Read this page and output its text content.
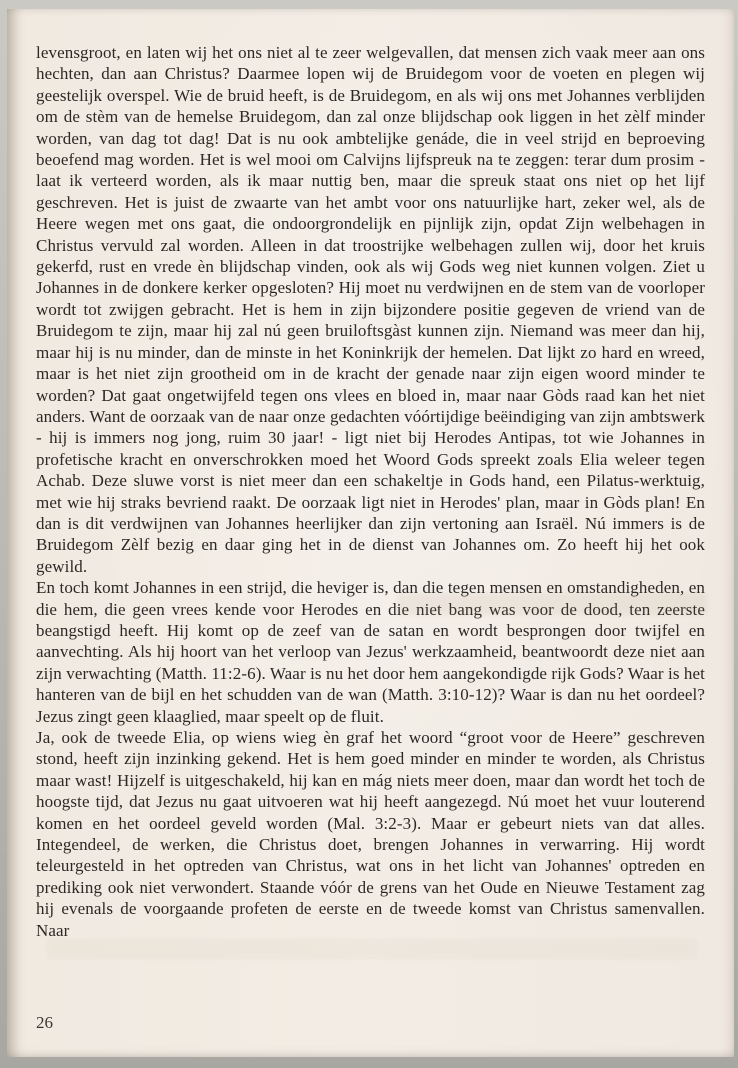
levensgroot, en laten wij het ons niet al te zeer welgevallen, dat mensen zich vaak meer aan ons hechten, dan aan Christus? Daarmee lopen wij de Bruidegom voor de voeten en plegen wij geestelijk overspel. Wie de bruid heeft, is de Bruidegom, en als wij ons met Johannes verblijden om de stèm van de hemelse Bruidegom, dan zal onze blijdschap ook liggen in het zèlf minder worden, van dag tot dag! Dat is nu ook ambtelijke genáde, die in veel strijd en beproeving beoefend mag worden. Het is wel mooi om Calvijns lijfspreuk na te zeggen: terar dum prosim - laat ik verteerd worden, als ik maar nuttig ben, maar die spreuk staat ons niet op het lijf geschreven. Het is juist de zwaarte van het ambt voor ons natuurlijke hart, zeker wel, als de Heere wegen met ons gaat, die ondoorgrondelijk en pijnlijk zijn, opdat Zijn welbehagen in Christus vervuld zal worden. Alleen in dat troostrijke welbehagen zullen wij, door het kruis gekerfd, rust en vrede èn blijdschap vinden, ook als wij Gods weg niet kunnen volgen. Ziet u Johannes in de donkere kerker opgesloten? Hij moet nu verdwijnen en de stem van de voorloper wordt tot zwijgen gebracht. Het is hem in zijn bijzondere positie gegeven de vriend van de Bruidegom te zijn, maar hij zal nú geen bruiloftsgàst kunnen zijn. Niemand was meer dan hij, maar hij is nu minder, dan de minste in het Koninkrijk der hemelen. Dat lijkt zo hard en wreed, maar is het niet zijn grootheid om in de kracht der genade naar zijn eigen woord minder te worden? Dat gaat ongetwijfeld tegen ons vlees en bloed in, maar naar Gòds raad kan het niet anders. Want de oorzaak van de naar onze gedachten vóórtijdige beëindiging van zijn ambtswerk - hij is immers nog jong, ruim 30 jaar! - ligt niet bij Herodes Antipas, tot wie Johannes in profetische kracht en onverschrokken moed het Woord Gods spreekt zoals Elia weleer tegen Achab. Deze sluwe vorst is niet meer dan een schakeltje in Gods hand, een Pilatus-werktuig, met wie hij straks bevriend raakt. De oorzaak ligt niet in Herodes' plan, maar in Gòds plan! En dan is dit verdwijnen van Johannes heerlijker dan zijn vertoning aan Israël. Nú immers is de Bruidegom Zèlf bezig en daar ging het in de dienst van Johannes om. Zo heeft hij het ook gewild.

En toch komt Johannes in een strijd, die heviger is, dan die tegen mensen en omstandigheden, en die hem, die geen vrees kende voor Herodes en die niet bang was voor de dood, ten zeerste beangstigd heeft. Hij komt op de zeef van de satan en wordt besprongen door twijfel en aanvechting. Als hij hoort van het verloop van Jezus' werkzaamheid, beantwoordt deze niet aan zijn verwachting (Matth. 11:2-6). Waar is nu het door hem aangekondigde rijk Gods? Waar is het hanteren van de bijl en het schudden van de wan (Matth. 3:10-12)? Waar is dan nu het oordeel? Jezus zingt geen klaaglied, maar speelt op de fluit.

Ja, ook de tweede Elia, op wiens wieg èn graf het woord “groot voor de Heere” geschreven stond, heeft zijn inzinking gekend. Het is hem goed minder en minder te worden, als Christus maar wast! Hijzelf is uitgeschakeld, hij kan en mág niets meer doen, maar dan wordt het toch de hoogste tijd, dat Jezus nu gaat uitvoeren wat hij heeft aangezegd. Nú moet het vuur louterend komen en het oordeel geveld worden (Mal. 3:2-3). Maar er gebeurt niets van dat alles. Integendeel, de werken, die Christus doet, brengen Johannes in verwarring. Hij wordt teleurgesteld in het optreden van Christus, wat ons in het licht van Johannes' optreden en prediking ook niet verwondert. Staande vóór de grens van het Oude en Nieuwe Testament zag hij evenals de voorgaande profeten de eerste en de tweede komst van Christus samenvallen. Naar

26
